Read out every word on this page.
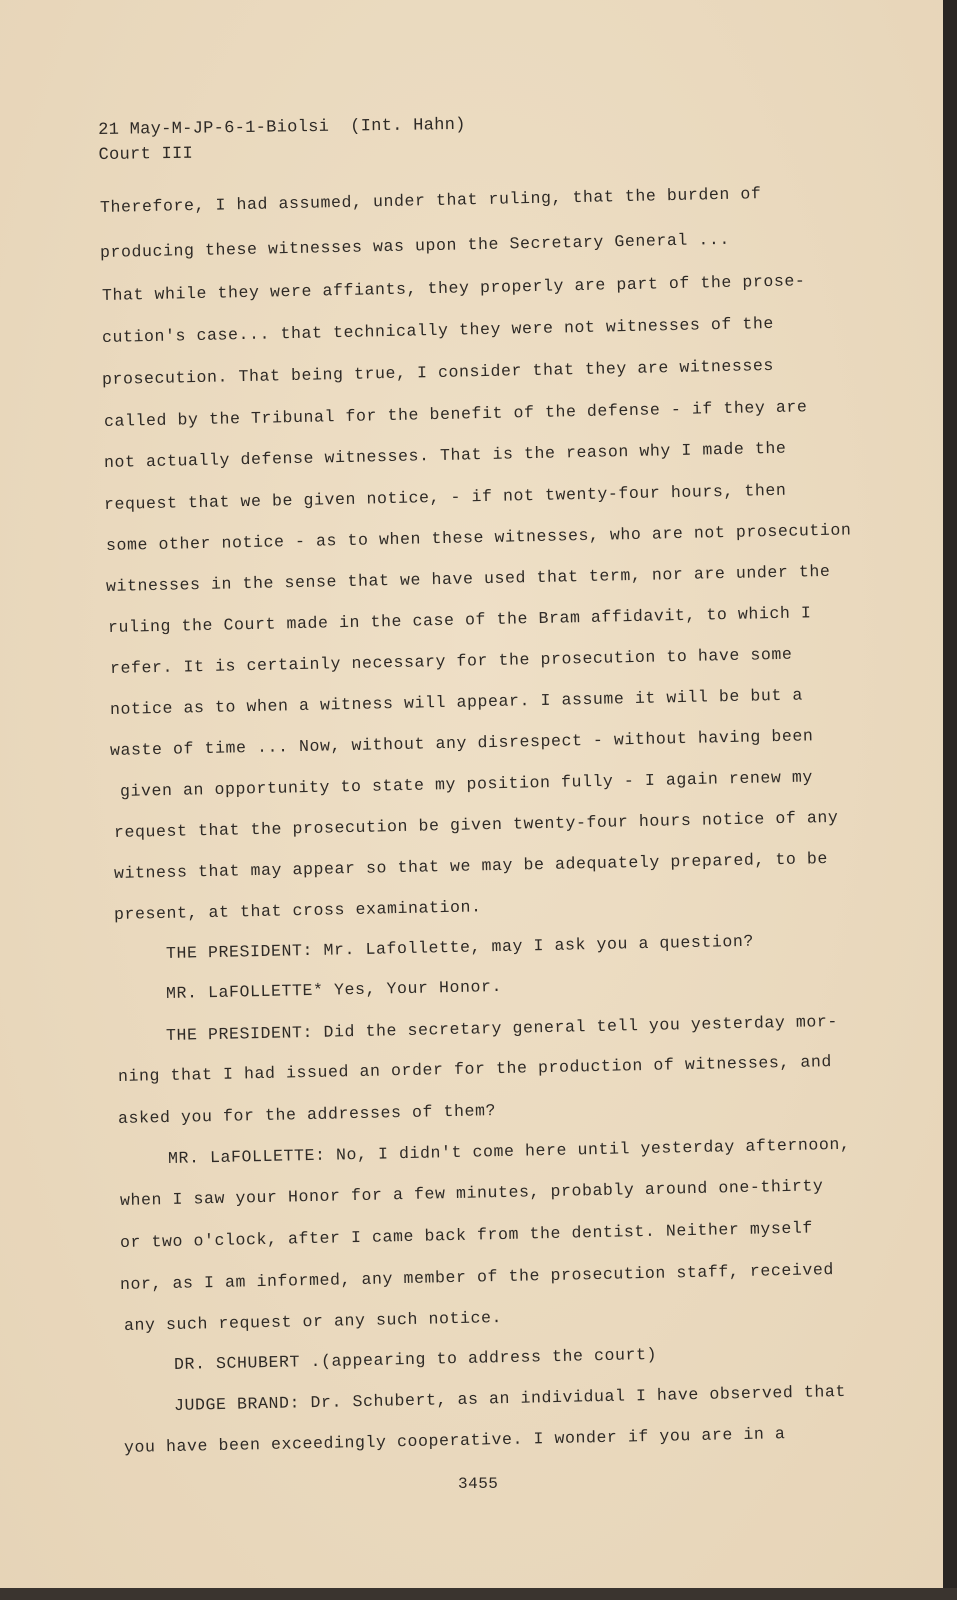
21 May-M-JP-6-1-Biolsi  (Int. Hahn)
Court III
Therefore, I had assumed, under that ruling, that the burden of
producing these witnesses was upon the Secretary General ...
That while they were affiants, they properly are part of the prose-
cution's case... that technically they were not witnesses of the
prosecution. That being true, I consider that they are witnesses
called by the Tribunal for the benefit of the defense - if they are
not actually defense witnesses. That is the reason why I made the
request that we be given notice, - if not twenty-four hours, then
some other notice - as to when these witnesses, who are not prosecution
witnesses in the sense that we have used that term, nor are under the
ruling the Court made in the case of the Bram affidavit, to which I
refer. It is certainly necessary for the prosecution to have some
notice as to when a witness will appear. I assume it will be but a
waste of time ... Now, without any disrespect - without having been
given an opportunity to state my position fully - I again renew my
request that the prosecution be given twenty-four hours notice of any
witness that may appear so that we may be adequately prepared, to be
present, at that cross examination.
THE PRESIDENT: Mr. Lafollette, may I ask you a question?
MR. LaFOLLETTE* Yes, Your Honor.
THE PRESIDENT: Did the secretary general tell you yesterday mor-
ning that I had issued an order for the production of witnesses, and
asked you for the addresses of them?
MR. LaFOLLETTE: No, I didn't come here until yesterday afternoon,
when I saw your Honor for a few minutes, probably around one-thirty
or two o'clock, after I came back from the dentist. Neither myself
nor, as I am informed, any member of the prosecution staff, received
any such request or any such notice.
DR. SCHUBERT .(appearing to address the court)
JUDGE BRAND: Dr. Schubert, as an individual I have observed that
you have been exceedingly cooperative. I wonder if you are in a
3455
